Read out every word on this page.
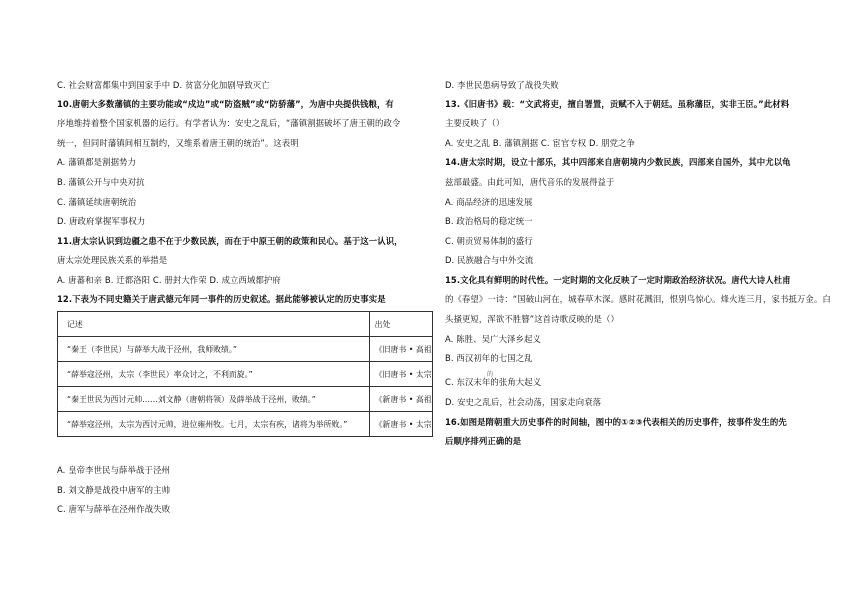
C. 社会财富都集中到国家手中 D. 贫富分化加剧导致灭亡
10.唐朝大多数藩镇的主要功能或“戍边”或“防盗贼”或“防骄藩”，为唐中央提供钱粮，有
序地维持着整个国家机器的运行。有学者认为：安史之乱后，“藩镇割据破坏了唐王朝的政令
统一，但同时藩镇间相互制约，又维系着唐王朝的统治”。这表明
A. 藩镇都是割据势力
B. 藩镇公开与中央对抗
C. 藩镇延续唐朝统治
D. 唐政府掌握军事权力
11.唐太宗认识到边疆之患不在于少数民族，而在于中原王朝的政策和民心。基于这一认识，
唐太宗处理民族关系的举措是
A. 唐蕃和亲 B. 迁都洛阳 C. 册封大作荣 D. 成立西域都护府
12.下表为不同史籍关于唐武德元年同一事件的历史叙述。据此能够被认定的历史事实是
记述	出处
“秦王（李世民）与薛举大战于泾州，我师败绩。”	《旧唐书 • 高祖
“薛举寇泾州，太宗（李世民）率众讨之，不利而旋。”	《旧唐书 • 太宗
“秦王世民为西讨元帅……刘文静（唐朝将领）及薛举战于泾州，败绩。”	《新唐书 • 高祖
“薛举寇泾州，太宗为西讨元帅，进位雍州牧。七月，太宗有疾，诸将为举所败。”	《新唐书 • 太宗
A. 皇帝李世民与薛举战于泾州
B. 刘文静是战役中唐军的主帅
C. 唐军与薛举在泾州作战失败
D. 李世民患病导致了战役失败
13.《旧唐书》载：“文武将吏，擅自署置，贡赋不入于朝廷。虽称藩臣，实非王臣。”此材料
主要反映了（）
A. 安史之乱 B. 藩镇割据 C. 宦官专权 D. 朋党之争
14.唐太宗时期，设立十部乐，其中四部来自唐朝境内少数民族，四部来自国外，其中尤以龟
兹部最盛。由此可知，唐代音乐的发展得益于
A. 商品经济的迅速发展
B. 政治格局的稳定统一
C. 朝贡贸易体制的盛行
D. 民族融合与中外交流
15.文化具有鲜明的时代性。一定时期的文化反映了一定时期政治经济状况。唐代大诗人杜甫
的《春望》一诗：“国破山河在，城春草木深。感时花溅泪，恨别鸟惊心。烽火连三月，家书抵万金。白
头搔更短，浑欲不胜簪”这首诗歌反映的是（）
A. 陈胜、吴广大泽乡起义
B. 西汉初年的七国之乱
C. 东汉末年的张角大起义
的
D. 安史之乱后，社会动荡，国家走向衰落
16.如图是隋朝重大历史事件的时间轴，图中的①②③代表相关的历史事件，按事件发生的先
后顺序排列正确的是
